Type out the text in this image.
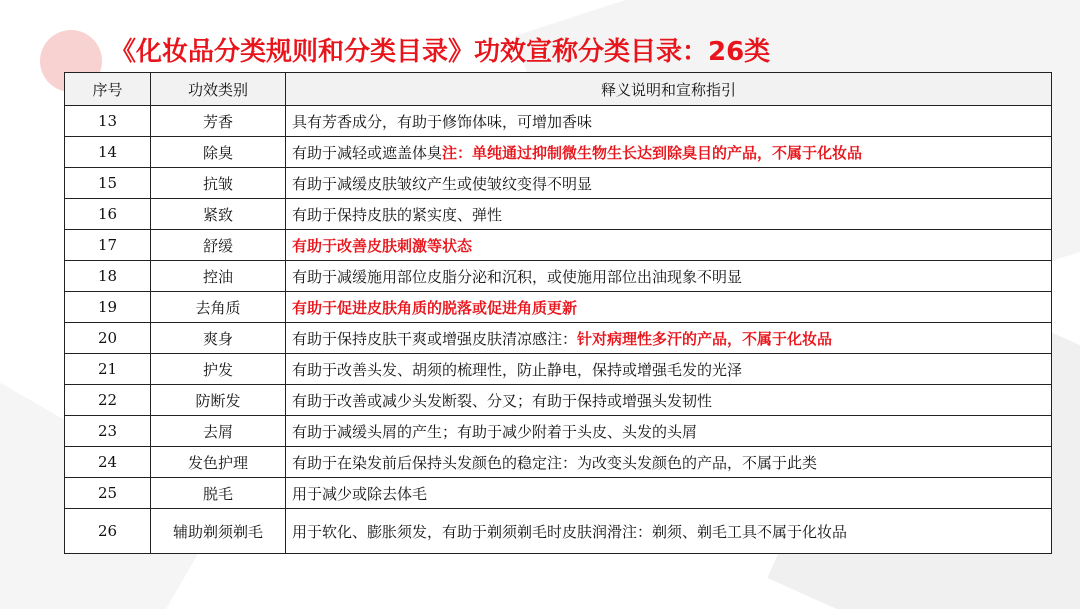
《化妆品分类规则和分类目录》功效宣称分类目录：26类
序号	功效类别	释义说明和宣称指引
13	芳香	具有芳香成分，有助于修饰体味，可增加香味
14	除臭	有助于减轻或遮盖体臭注：单纯通过抑制微生物生长达到除臭目的产品，不属于化妆品
15	抗皱	有助于减缓皮肤皱纹产生或使皱纹变得不明显
16	紧致	有助于保持皮肤的紧实度、弹性
17	舒缓	有助于改善皮肤刺激等状态
18	控油	有助于减缓施用部位皮脂分泌和沉积，或使施用部位出油现象不明显
19	去角质	有助于促进皮肤角质的脱落或促进角质更新
20	爽身	有助于保持皮肤干爽或增强皮肤清凉感注：针对病理性多汗的产品，不属于化妆品
21	护发	有助于改善头发、胡须的梳理性，防止静电，保持或增强毛发的光泽
22	防断发	有助于改善或减少头发断裂、分叉；有助于保持或增强头发韧性
23	去屑	有助于减缓头屑的产生；有助于减少附着于头皮、头发的头屑
24	发色护理	有助于在染发前后保持头发颜色的稳定注：为改变头发颜色的产品，不属于此类
25	脱毛	用于减少或除去体毛
26	辅助剃须剃毛	用于软化、膨胀须发，有助于剃须剃毛时皮肤润滑注：剃须、剃毛工具不属于化妆品
